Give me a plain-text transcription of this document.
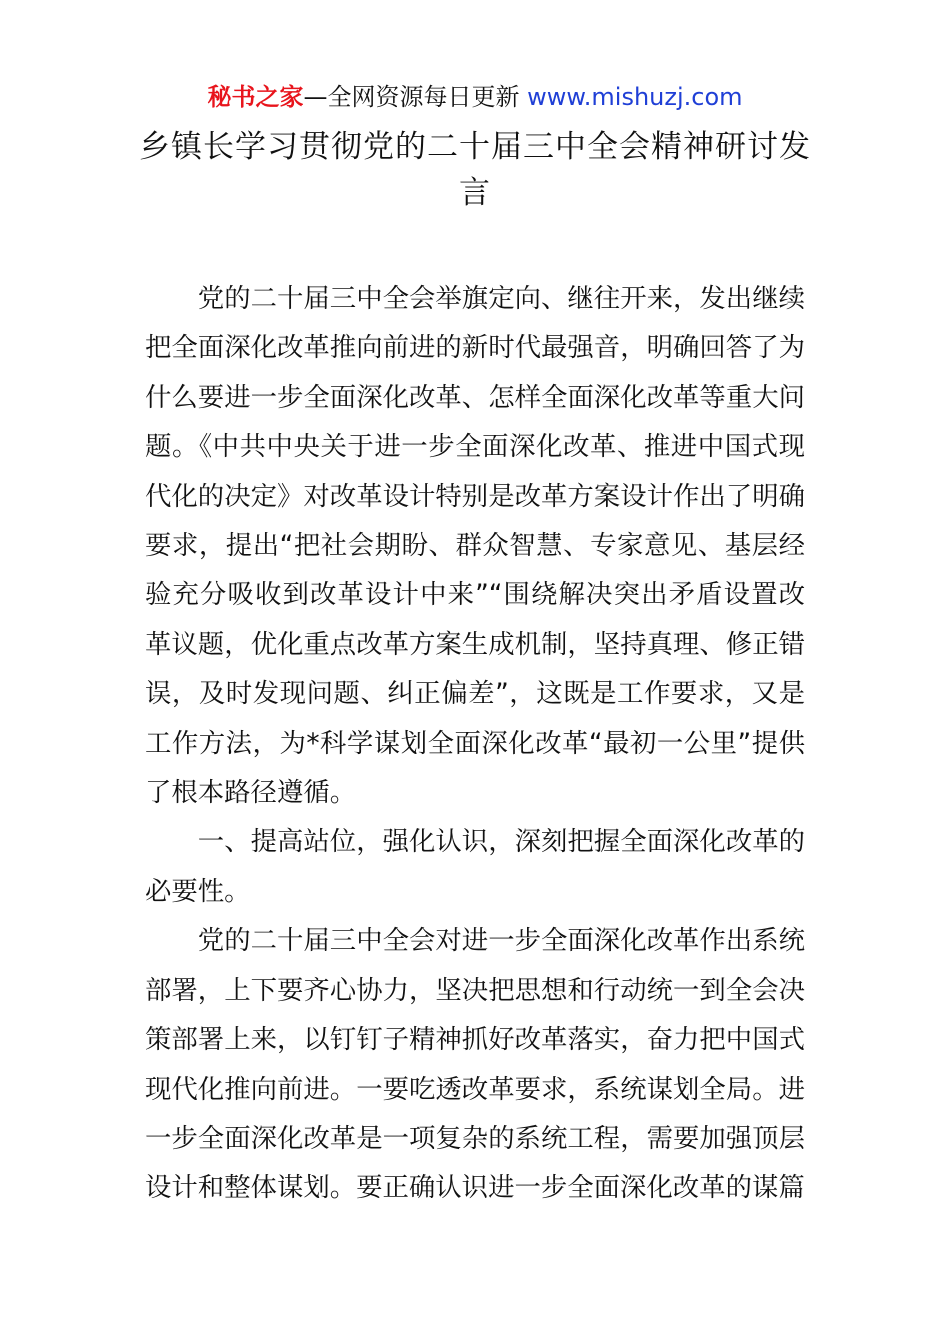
秘书之家—全网资源每日更新 www.mishuzj.com
乡镇长学习贯彻党的二十届三中全会精神研讨发言

党的二十届三中全会举旗定向、继往开来，发出继续把全面深化改革推向前进的新时代最强音，明确回答了为什么要进一步全面深化改革、怎样全面深化改革等重大问题。《中共中央关于进一步全面深化改革、推进中国式现代化的决定》对改革设计特别是改革方案设计作出了明确要求，提出“把社会期盼、群众智慧、专家意见、基层经验充分吸收到改革设计中来”“围绕解决突出矛盾设置改革议题，优化重点改革方案生成机制，坚持真理、修正错误，及时发现问题、纠正偏差”，这既是工作要求，又是工作方法，为*科学谋划全面深化改革“最初一公里”提供了根本路径遵循。

一、提高站位，强化认识，深刻把握全面深化改革的必要性。

党的二十届三中全会对进一步全面深化改革作出系统部署，上下要齐心协力，坚决把思想和行动统一到全会决策部署上来，以钉钉子精神抓好改革落实，奋力把中国式现代化推向前进。一要吃透改革要求，系统谋划全局。进一步全面深化改革是一项复杂的系统工程，需要加强顶层设计和整体谋划。要正确认识进一步全面深化改革的谋篇
